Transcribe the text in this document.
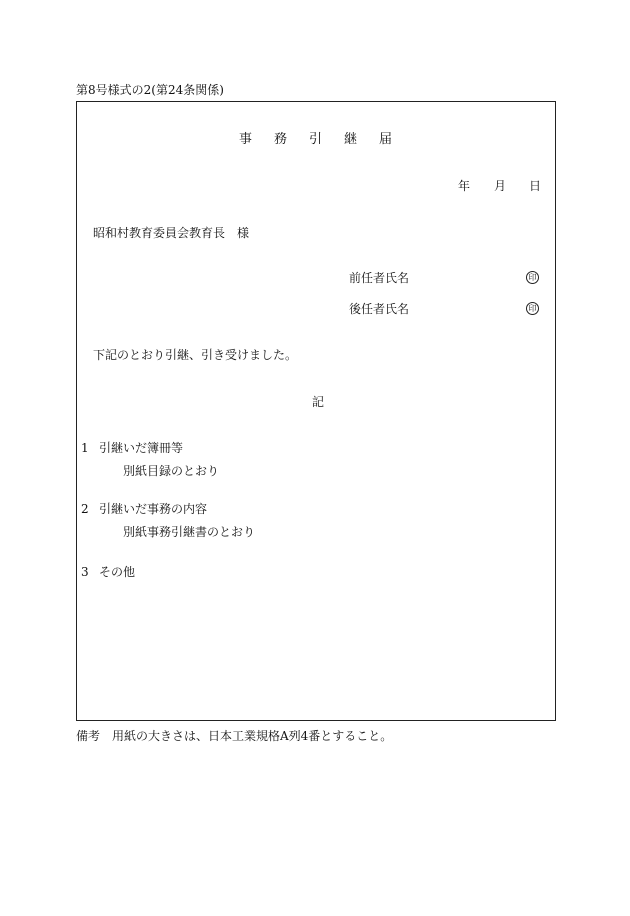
第8号様式の2(第24条関係)
事務引継届
年 月 日
昭和村教育委員会教育長　様
前任者氏名	印
後任者氏名	印
下記のとおり引継、引き受けました。
記
1 引継いだ簿冊等
別紙目録のとおり
2 引継いだ事務の内容
別紙事務引継書のとおり
3 その他
備考　用紙の大きさは、日本工業規格A列4番とすること。
